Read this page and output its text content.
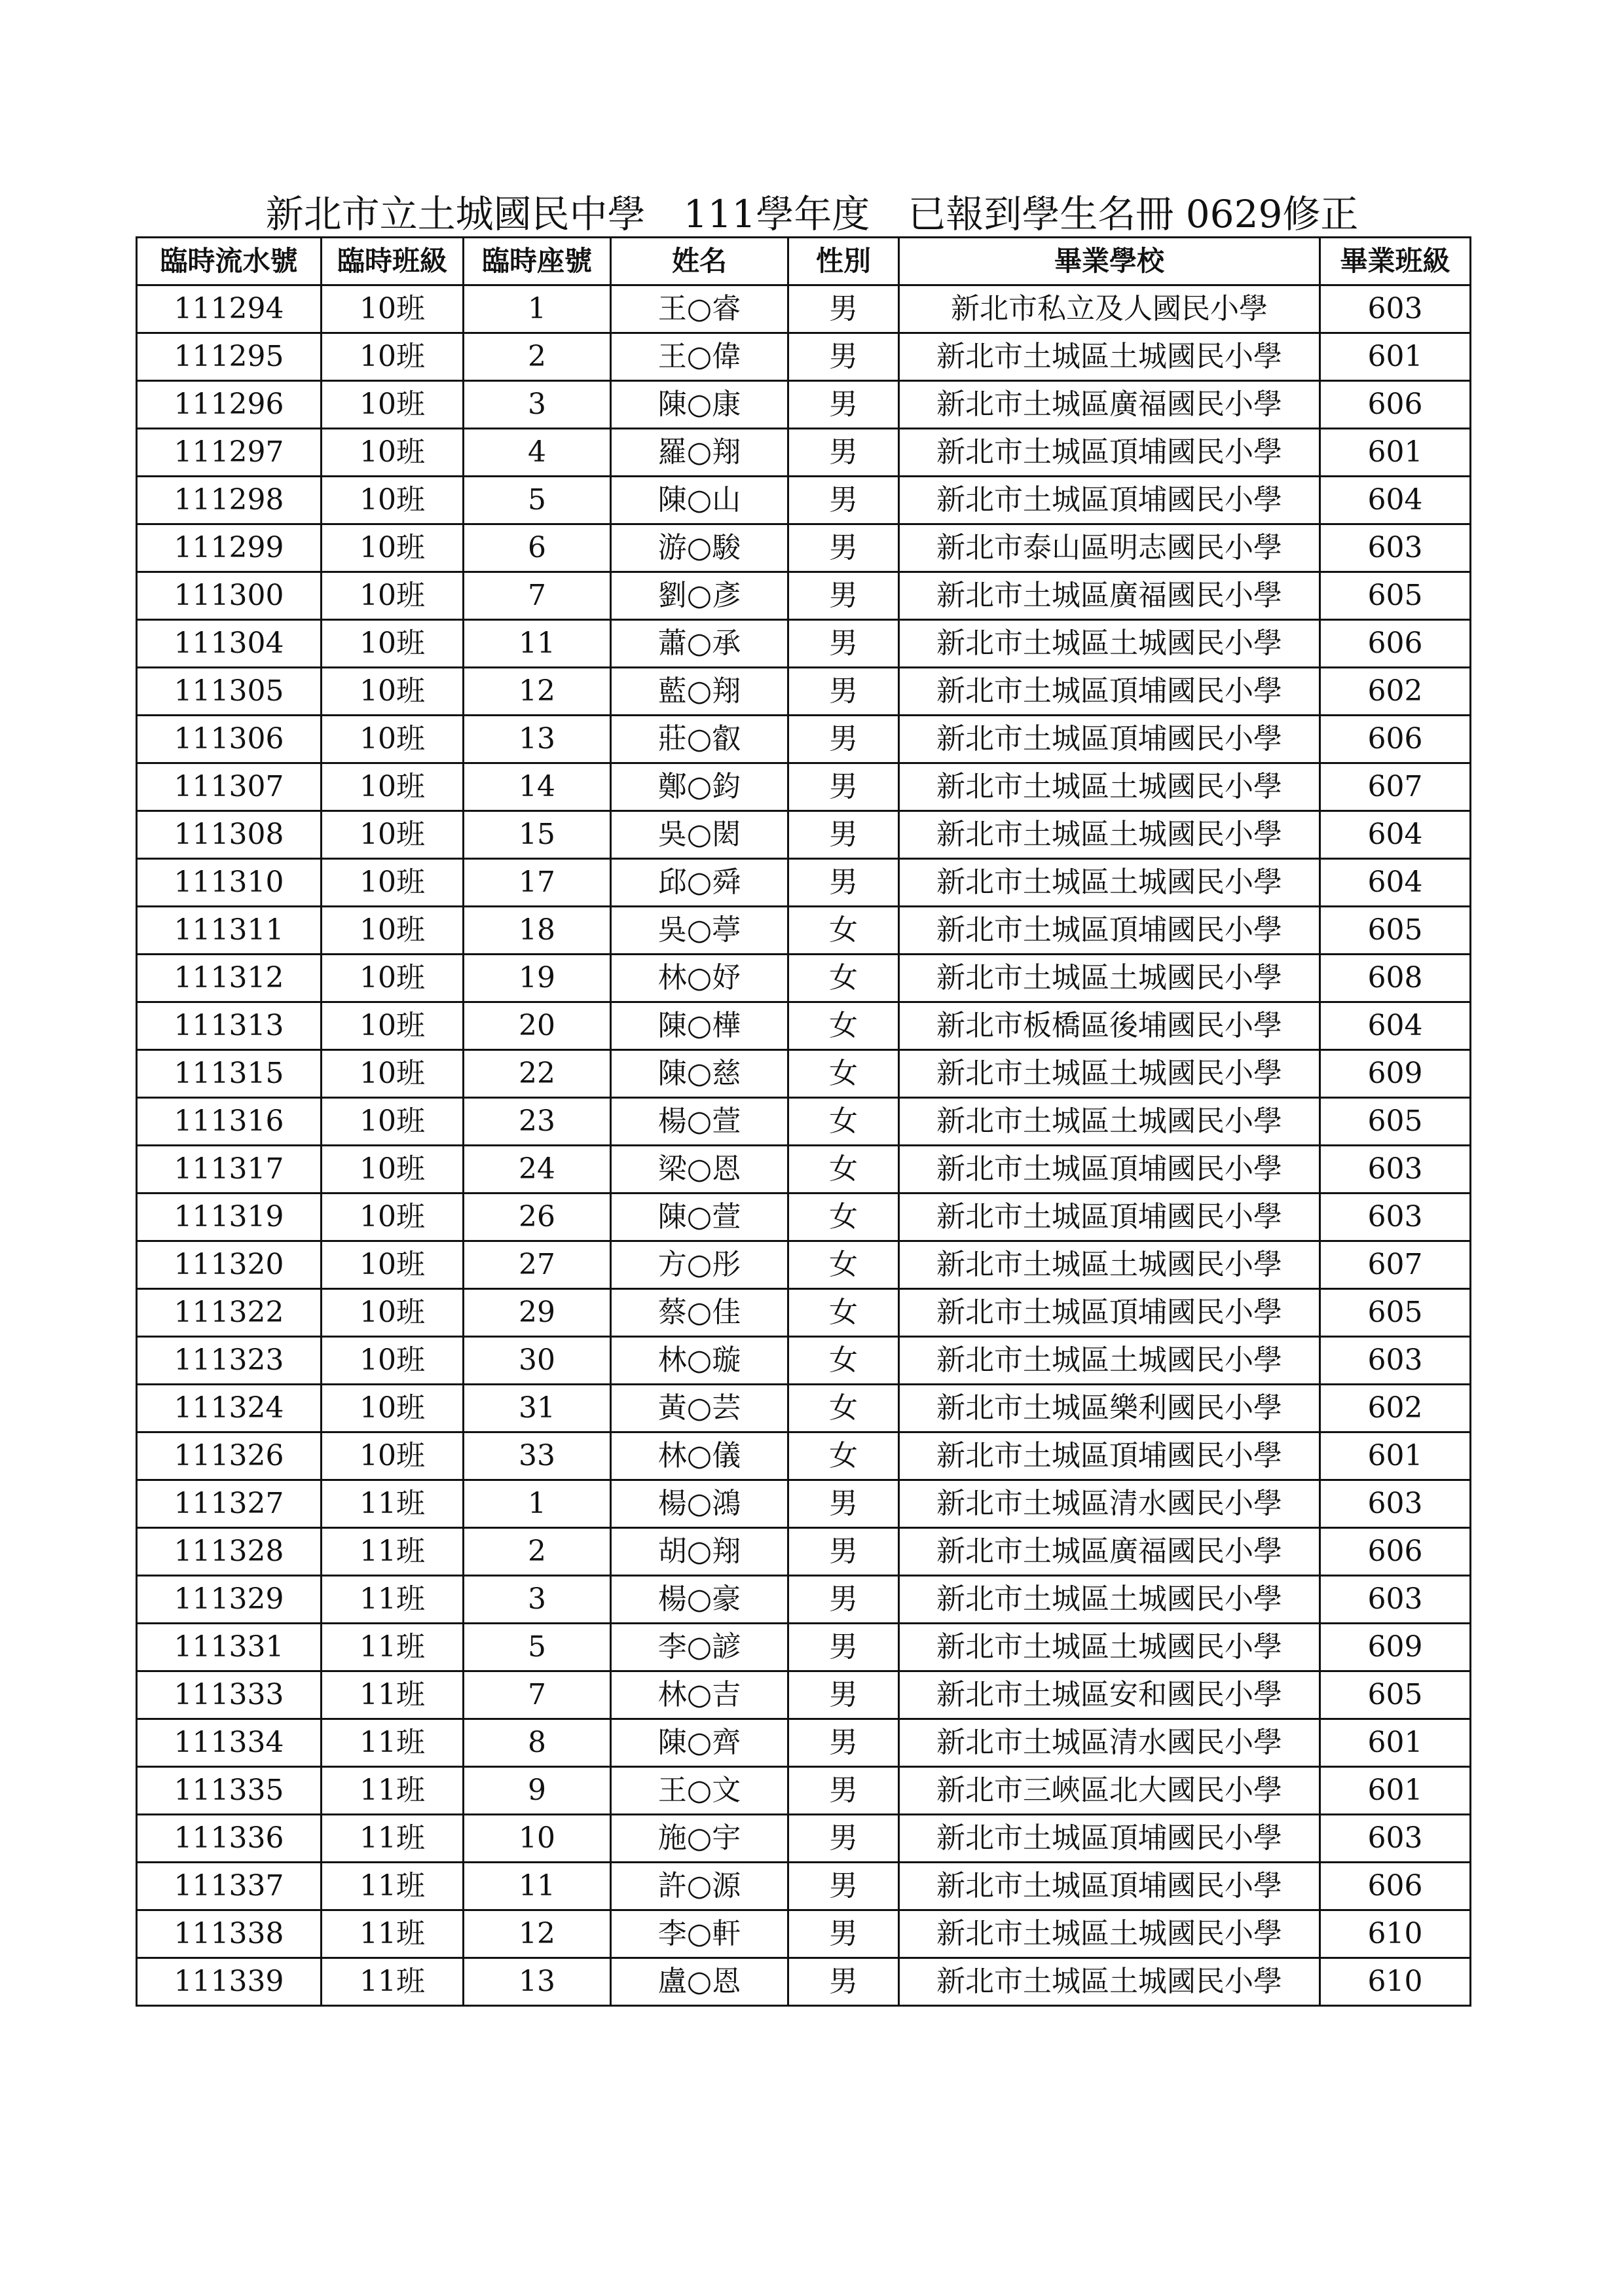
新北市立土城國民中學　111學年度　已報到學生名冊 0629修正
臨時流水號	臨時班級	臨時座號	姓名	性別	畢業學校	畢業班級
111294	10班	1	王○睿	男	新北市私立及人國民小學	603
111295	10班	2	王○偉	男	新北市土城區土城國民小學	601
111296	10班	3	陳○康	男	新北市土城區廣福國民小學	606
111297	10班	4	羅○翔	男	新北市土城區頂埔國民小學	601
111298	10班	5	陳○山	男	新北市土城區頂埔國民小學	604
111299	10班	6	游○駿	男	新北市泰山區明志國民小學	603
111300	10班	7	劉○彥	男	新北市土城區廣福國民小學	605
111304	10班	11	蕭○承	男	新北市土城區土城國民小學	606
111305	10班	12	藍○翔	男	新北市土城區頂埔國民小學	602
111306	10班	13	莊○叡	男	新北市土城區頂埔國民小學	606
111307	10班	14	鄭○鈞	男	新北市土城區土城國民小學	607
111308	10班	15	吳○閎	男	新北市土城區土城國民小學	604
111310	10班	17	邱○舜	男	新北市土城區土城國民小學	604
111311	10班	18	吳○葶	女	新北市土城區頂埔國民小學	605
111312	10班	19	林○妤	女	新北市土城區土城國民小學	608
111313	10班	20	陳○樺	女	新北市板橋區後埔國民小學	604
111315	10班	22	陳○慈	女	新北市土城區土城國民小學	609
111316	10班	23	楊○萱	女	新北市土城區土城國民小學	605
111317	10班	24	梁○恩	女	新北市土城區頂埔國民小學	603
111319	10班	26	陳○萱	女	新北市土城區頂埔國民小學	603
111320	10班	27	方○彤	女	新北市土城區土城國民小學	607
111322	10班	29	蔡○佳	女	新北市土城區頂埔國民小學	605
111323	10班	30	林○璇	女	新北市土城區土城國民小學	603
111324	10班	31	黃○芸	女	新北市土城區樂利國民小學	602
111326	10班	33	林○儀	女	新北市土城區頂埔國民小學	601
111327	11班	1	楊○鴻	男	新北市土城區清水國民小學	603
111328	11班	2	胡○翔	男	新北市土城區廣福國民小學	606
111329	11班	3	楊○豪	男	新北市土城區土城國民小學	603
111331	11班	5	李○諺	男	新北市土城區土城國民小學	609
111333	11班	7	林○吉	男	新北市土城區安和國民小學	605
111334	11班	8	陳○齊	男	新北市土城區清水國民小學	601
111335	11班	9	王○文	男	新北市三峽區北大國民小學	601
111336	11班	10	施○宇	男	新北市土城區頂埔國民小學	603
111337	11班	11	許○源	男	新北市土城區頂埔國民小學	606
111338	11班	12	李○軒	男	新北市土城區土城國民小學	610
111339	11班	13	盧○恩	男	新北市土城區土城國民小學	610
